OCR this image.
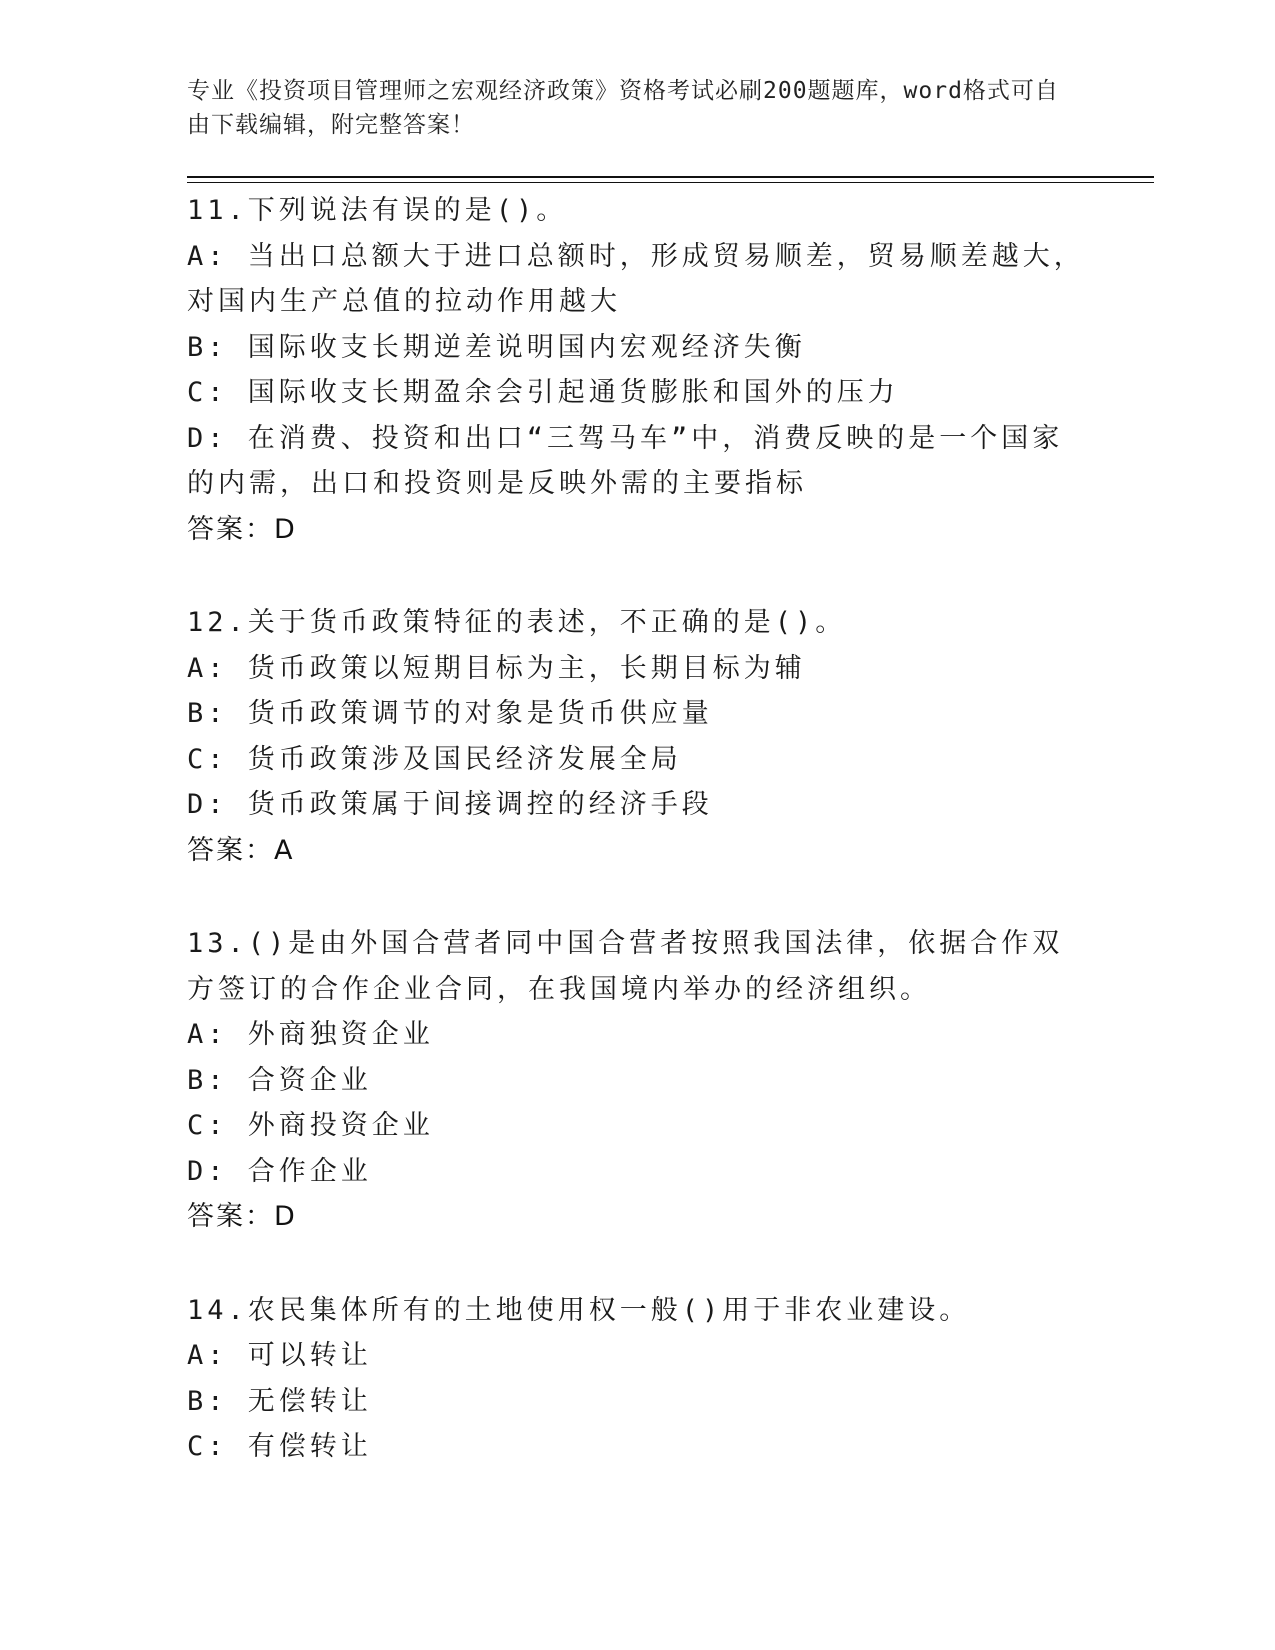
专业《投资项目管理师之宏观经济政策》资格考试必刷200题题库，word格式可自由下载编辑，附完整答案！
11.下列说法有误的是()。
A: 当出口总额大于进口总额时，形成贸易顺差，贸易顺差越大，对国内生产总值的拉动作用越大
B: 国际收支长期逆差说明国内宏观经济失衡
C: 国际收支长期盈余会引起通货膨胀和国外的压力
D: 在消费、投资和出口“三驾马车”中，消费反映的是一个国家的内需，出口和投资则是反映外需的主要指标
答案：D
12.关于货币政策特征的表述，不正确的是()。
A: 货币政策以短期目标为主，长期目标为辅
B: 货币政策调节的对象是货币供应量
C: 货币政策涉及国民经济发展全局
D: 货币政策属于间接调控的经济手段
答案：A
13.()是由外国合营者同中国合营者按照我国法律，依据合作双方签订的合作企业合同，在我国境内举办的经济组织。
A: 外商独资企业
B: 合资企业
C: 外商投资企业
D: 合作企业
答案：D
14.农民集体所有的土地使用权一般()用于非农业建设。
A: 可以转让
B: 无偿转让
C: 有偿转让
